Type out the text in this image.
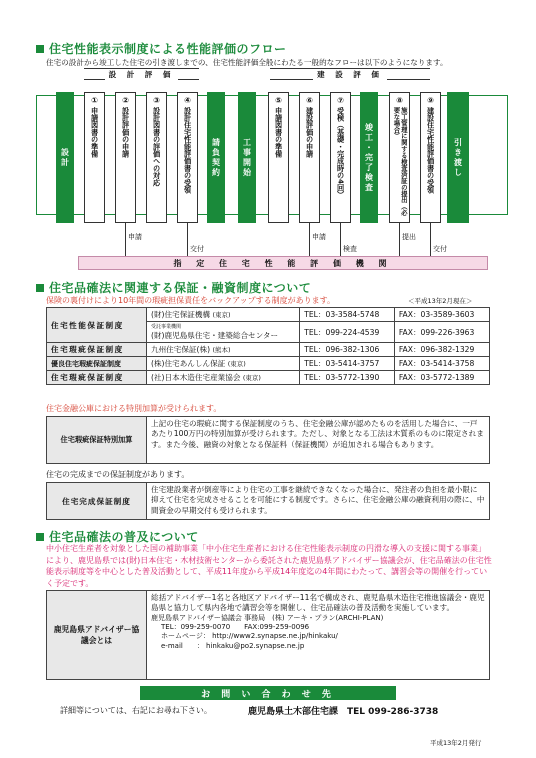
住宅性能表示制度による性能評価のフロー
住宅の設計から竣工した住宅の引き渡しまでの、住宅性能評価全般にわたる一般的なフローは以下のようになります。
設 計 評 価	建 設 評 価
設計
①
申請図書の準備
②
設計評価の申請
③
設計図書の評価への対応
④
設計住宅性能評価書の受領	請負契約	工事開始
⑤
申請図書の準備
⑥
建設評価の申請
⑦
受検（基礎・完成時の4回）	竣工・完了検査
⑧
施工管理に関する検査済証の提出（必要な場合）
⑨
建設住宅性能評価書の受領	引き渡し
申請
交付
申請
検査
提出
交付
指 定 住 宅 性 能 評 価 機 関
住宅品確法に関連する保証・融資制度について
保険の裏付けにより10年間の瑕疵担保責任をバックアップする制度があります。	＜平成13年2月現在＞
住宅性能保証制度	(財)住宅保証機構 (東京)	TEL：03-3584-5748	FAX：03-3589-3603

	受託事業機関
(財)鹿児島県住宅・建築総合センター	TEL：099-224-4539	FAX：099-226-3963
住宅瑕疵保証制度	九州住宅保証(株) (熊本)	TEL：096-382-1306	FAX：096-382-1329
優良住宅瑕疵保証制度	(株)住宅あんしん保証 (東京)	TEL：03-5414-3757	FAX：03-5414-3758
住宅瑕疵保証制度	(社)日本木造住宅産業協会 (東京)	TEL：03-5772-1390	FAX：03-5772-1389
住宅金融公庫における特別加算が受けられます。
住宅瑕疵保証特別加算
上記の住宅の瑕疵に関する保証制度のうち、住宅金融公庫が認めたものを活用した場合に、一戸あたり100万円の特別加算が受けられます。ただし、対象となる工法は木質系のものに限定されます。また今後、融資の対象となる保証料（保証機関）が追加される場合もあります。
住宅の完成までの保証制度があります。
住宅完成保証制度
住宅建設業者が倒産等により住宅の工事を継続できなくなった場合に、発注者の負担を最小限に抑えて住宅を完成させることを可能にする制度です。さらに、住宅金融公庫の融資利用の際に、中間資金の早期交付も受けられます。
住宅品確法の普及について
中小住宅生産者を対象とした国の補助事業「中小住宅生産者における住宅性能表示制度の円滑な導入の支援に関する事業」により、鹿児島県では(財)日本住宅・木材技術センターから委託された鹿児島県アドバイザー協議会が、住宅品確法の住宅性能表示制度等を中心とした普及活動として、平成11年度から平成14年度迄の4年間にわたって、講習会等の開催を行っていく予定です。
鹿児島県アドバイザー協議会とは
総括アドバイザー1名と各地区アドバイザー11名で構成され、鹿児島県木造住宅推進協議会・鹿児島県と協力して県内各地で講習会等を開催し、住宅品確法の普及活動を実施しています。
鹿児島県アドバイザー協議会 事務局　(株) アーキ・プラン(ARCHI-PLAN)
TEL：099-259-0070　　FAX:099-259-0096
ホームページ： http://www2.synapse.ne.jp/hinkaku/
e-mail　　： hinkaku@po2.synapse.ne.jp
お 問 い 合 わ せ 先
詳細等については、右記にお尋ね下さい。	鹿児島県土木部住宅課　TEL 099-286-3738
平成13年2月発行
